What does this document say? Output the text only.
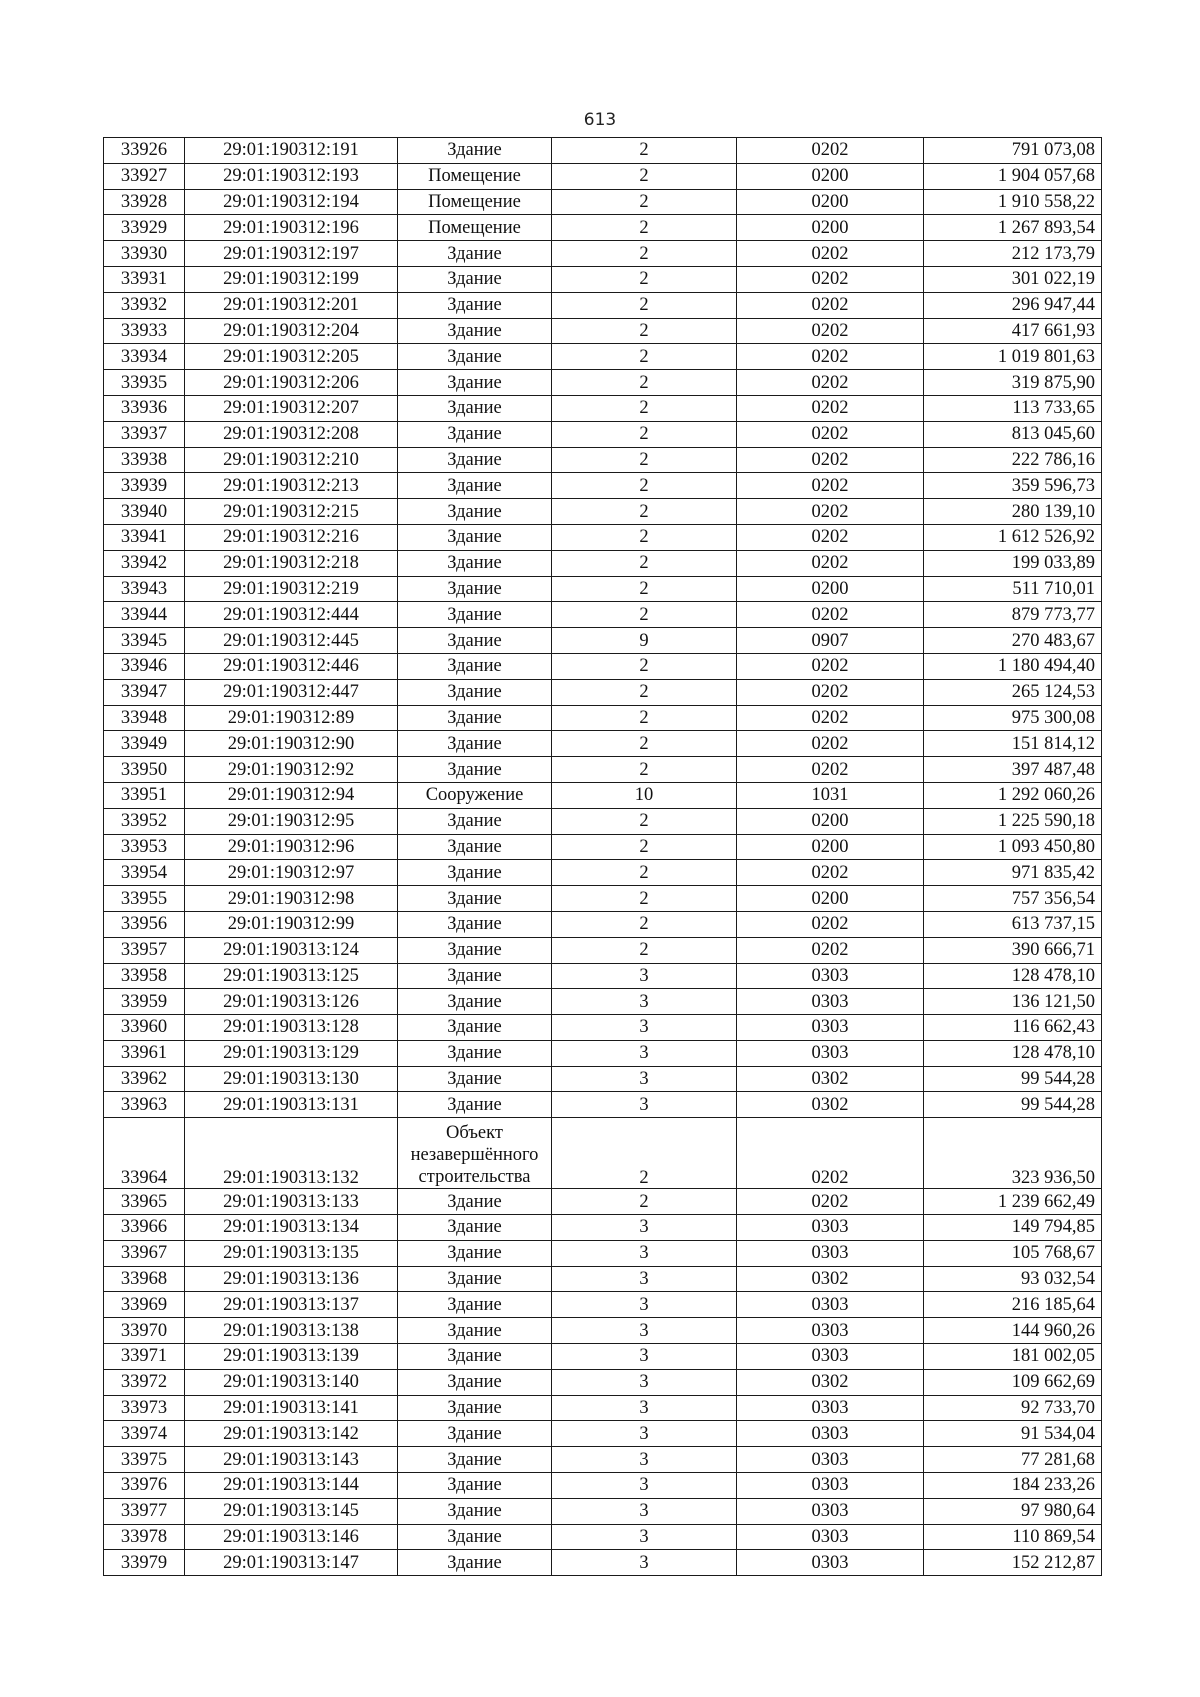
613
33926	29:01:190312:191	Здание	2	0202	791 073,08
33927	29:01:190312:193	Помещение	2	0200	1 904 057,68
33928	29:01:190312:194	Помещение	2	0200	1 910 558,22
33929	29:01:190312:196	Помещение	2	0200	1 267 893,54
33930	29:01:190312:197	Здание	2	0202	212 173,79
33931	29:01:190312:199	Здание	2	0202	301 022,19
33932	29:01:190312:201	Здание	2	0202	296 947,44
33933	29:01:190312:204	Здание	2	0202	417 661,93
33934	29:01:190312:205	Здание	2	0202	1 019 801,63
33935	29:01:190312:206	Здание	2	0202	319 875,90
33936	29:01:190312:207	Здание	2	0202	113 733,65
33937	29:01:190312:208	Здание	2	0202	813 045,60
33938	29:01:190312:210	Здание	2	0202	222 786,16
33939	29:01:190312:213	Здание	2	0202	359 596,73
33940	29:01:190312:215	Здание	2	0202	280 139,10
33941	29:01:190312:216	Здание	2	0202	1 612 526,92
33942	29:01:190312:218	Здание	2	0202	199 033,89
33943	29:01:190312:219	Здание	2	0200	511 710,01
33944	29:01:190312:444	Здание	2	0202	879 773,77
33945	29:01:190312:445	Здание	9	0907	270 483,67
33946	29:01:190312:446	Здание	2	0202	1 180 494,40
33947	29:01:190312:447	Здание	2	0202	265 124,53
33948	29:01:190312:89	Здание	2	0202	975 300,08
33949	29:01:190312:90	Здание	2	0202	151 814,12
33950	29:01:190312:92	Здание	2	0202	397 487,48
33951	29:01:190312:94	Сооружение	10	1031	1 292 060,26
33952	29:01:190312:95	Здание	2	0200	1 225 590,18
33953	29:01:190312:96	Здание	2	0200	1 093 450,80
33954	29:01:190312:97	Здание	2	0202	971 835,42
33955	29:01:190312:98	Здание	2	0200	757 356,54
33956	29:01:190312:99	Здание	2	0202	613 737,15
33957	29:01:190313:124	Здание	2	0202	390 666,71
33958	29:01:190313:125	Здание	3	0303	128 478,10
33959	29:01:190313:126	Здание	3	0303	136 121,50
33960	29:01:190313:128	Здание	3	0303	116 662,43
33961	29:01:190313:129	Здание	3	0303	128 478,10
33962	29:01:190313:130	Здание	3	0302	99 544,28
33963	29:01:190313:131	Здание	3	0302	99 544,28
33964	29:01:190313:132	Объект незавершённого строительства	2	0202	323 936,50
33965	29:01:190313:133	Здание	2	0202	1 239 662,49
33966	29:01:190313:134	Здание	3	0303	149 794,85
33967	29:01:190313:135	Здание	3	0303	105 768,67
33968	29:01:190313:136	Здание	3	0302	93 032,54
33969	29:01:190313:137	Здание	3	0303	216 185,64
33970	29:01:190313:138	Здание	3	0303	144 960,26
33971	29:01:190313:139	Здание	3	0303	181 002,05
33972	29:01:190313:140	Здание	3	0302	109 662,69
33973	29:01:190313:141	Здание	3	0303	92 733,70
33974	29:01:190313:142	Здание	3	0303	91 534,04
33975	29:01:190313:143	Здание	3	0303	77 281,68
33976	29:01:190313:144	Здание	3	0303	184 233,26
33977	29:01:190313:145	Здание	3	0303	97 980,64
33978	29:01:190313:146	Здание	3	0303	110 869,54
33979	29:01:190313:147	Здание	3	0303	152 212,87
